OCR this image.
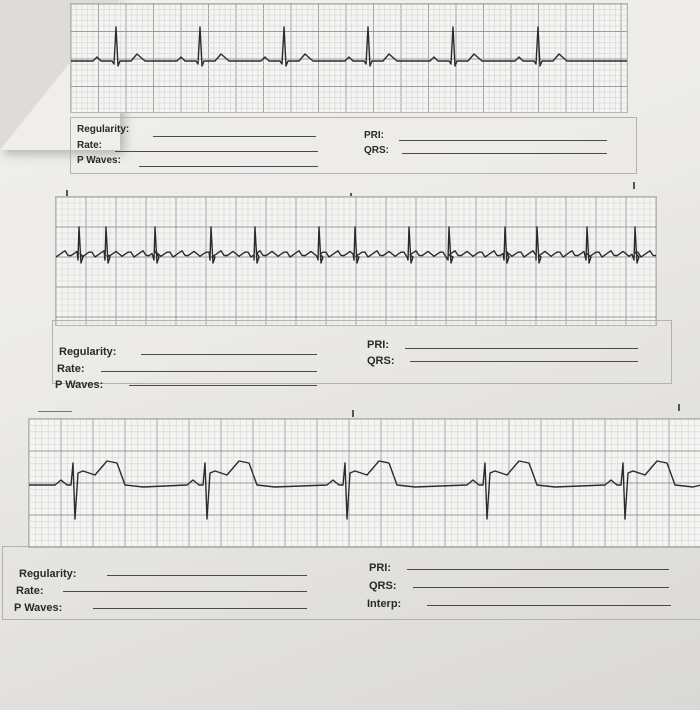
Regularity:
Rate:
P Waves:
PRI:
QRS:
Regularity:
Rate:
P Waves:
PRI:
QRS:
Regularity:
Rate:
P Waves:
PRI:
QRS:
Interp:
